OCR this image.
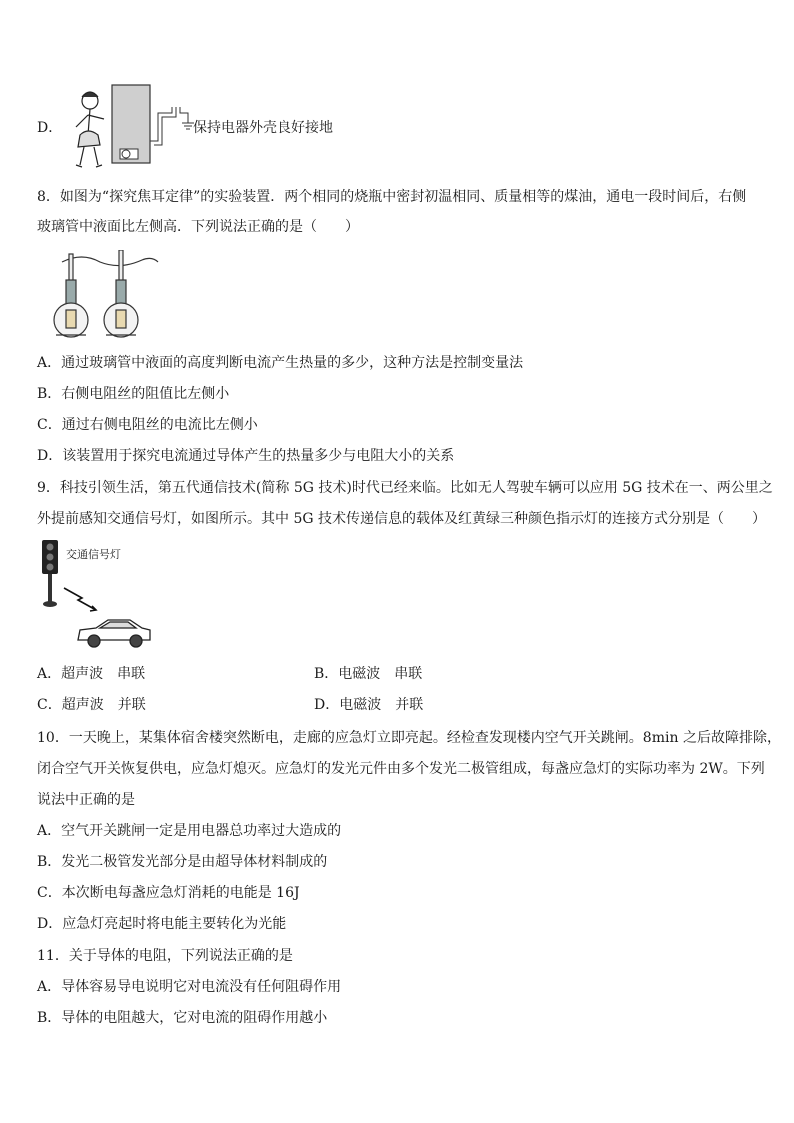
D．	保持电器外壳良好接地
8．如图为“探究焦耳定律”的实验装置．两个相同的烧瓶中密封初温相同、质量相等的煤油，通电一段时间后，右侧
玻璃管中液面比左侧高．下列说法正确的是（　　）
A．通过玻璃管中液面的高度判断电流产生热量的多少，这种方法是控制变量法
B．右侧电阻丝的阻值比左侧小
C．通过右侧电阻丝的电流比左侧小
D．该装置用于探究电流通过导体产生的热量多少与电阻大小的关系
9．科技引领生活，第五代通信技术(简称 5G 技术)时代已经来临。比如无人驾驶车辆可以应用 5G 技术在一、两公里之
外提前感知交通信号灯，如图所示。其中 5G 技术传递信息的载体及红黄绿三种颜色指示灯的连接方式分别是（　　）
交通信号灯
A．超声波　串联	B．电磁波　串联
C．超声波　并联	D．电磁波　并联
10．一天晚上，某集体宿舍楼突然断电，走廊的应急灯立即亮起。经检查发现楼内空气开关跳闸。8min 之后故障排除，
闭合空气开关恢复供电，应急灯熄灭。应急灯的发光元件由多个发光二极管组成，每盏应急灯的实际功率为 2W。下列
说法中正确的是
A．空气开关跳闸一定是用电器总功率过大造成的
B．发光二极管发光部分是由超导体材料制成的
C．本次断电每盏应急灯消耗的电能是 16J
D．应急灯亮起时将电能主要转化为光能
11．关于导体的电阻，下列说法正确的是
A．导体容易导电说明它对电流没有任何阻碍作用
B．导体的电阻越大，它对电流的阻碍作用越小
